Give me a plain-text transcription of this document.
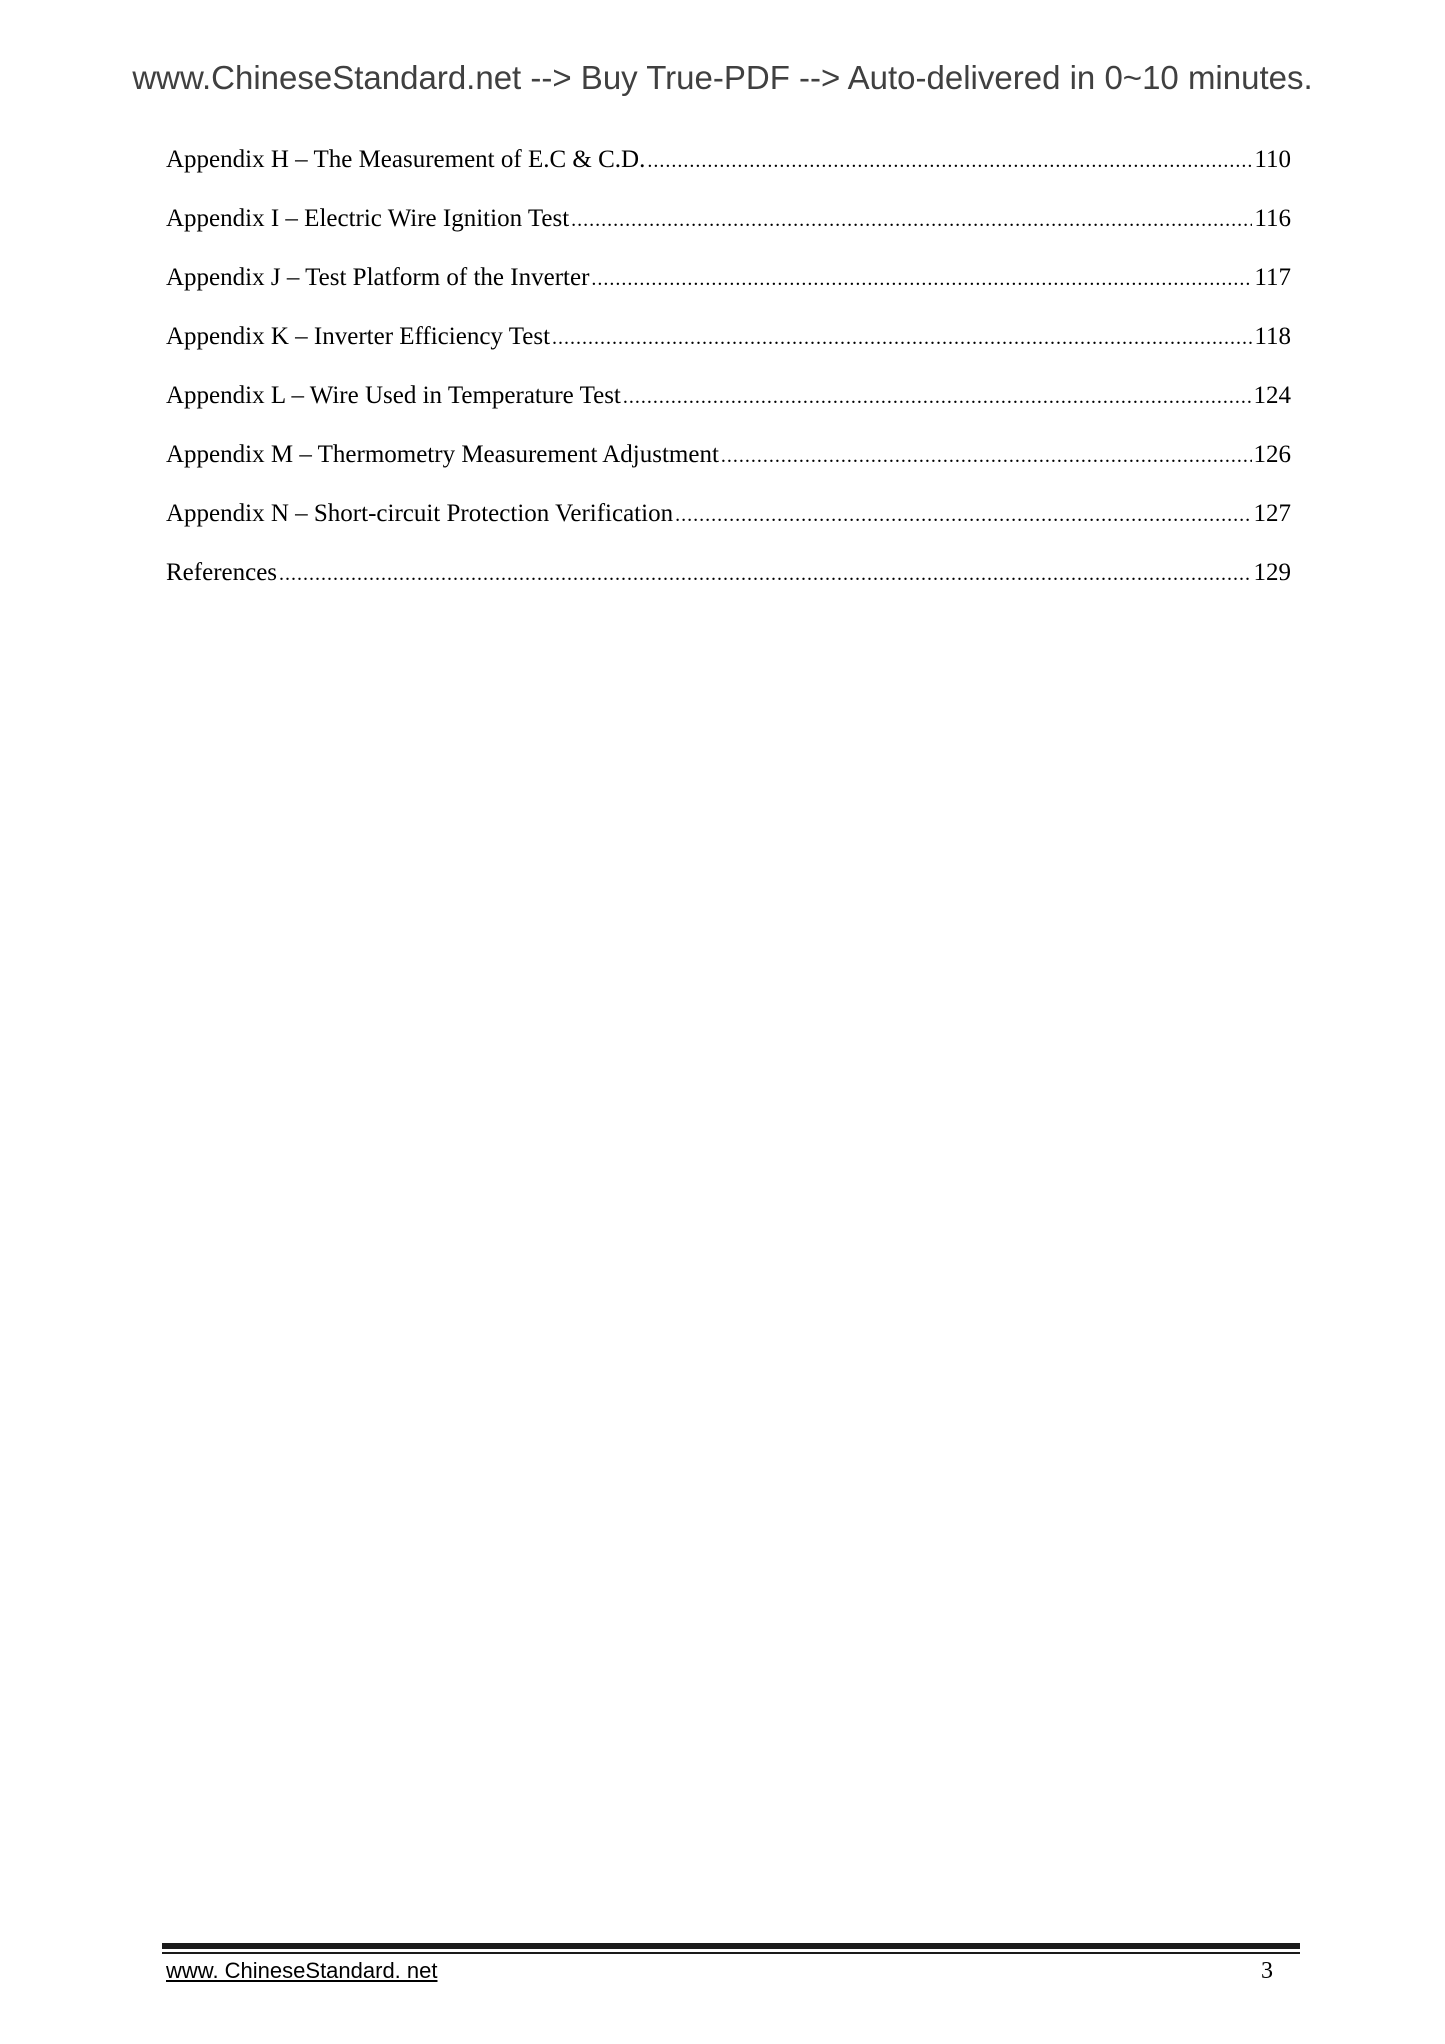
www.ChineseStandard.net --> Buy True-PDF --> Auto-delivered in 0~10 minutes.
Appendix H – The Measurement of E.C & C.D. .....	110
Appendix I – Electric Wire Ignition Test .....	116
Appendix J – Test Platform of the Inverter .....	117
Appendix K – Inverter Efficiency Test .....	118
Appendix L – Wire Used in Temperature Test .....	124
Appendix M – Thermometry Measurement Adjustment .....	126
Appendix N – Short-circuit Protection Verification .....	127
References .....	129
www. ChineseStandard. net	3
